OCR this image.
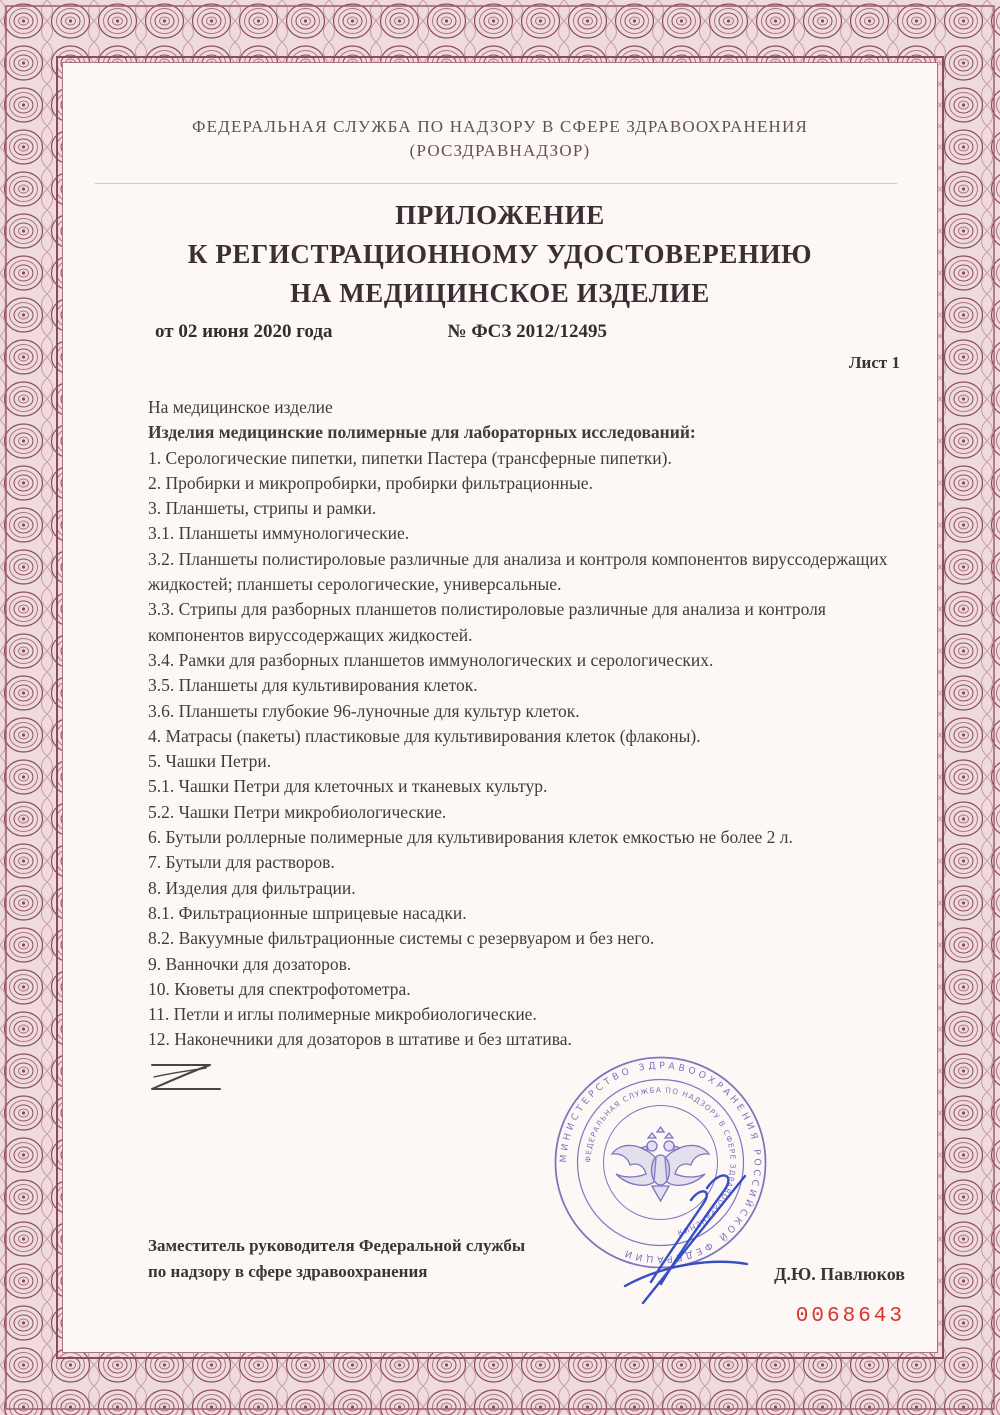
ФЕДЕРАЛЬНАЯ СЛУЖБА ПО НАДЗОРУ В СФЕРЕ ЗДРАВООХРАНЕНИЯ
(РОСЗДРАВНАДЗОР)
ПРИЛОЖЕНИЕ
К РЕГИСТРАЦИОННОМУ УДОСТОВЕРЕНИЮ
НА МЕДИЦИНСКОЕ ИЗДЕЛИЕ
от 02 июня 2020 года	№ ФСЗ 2012/12495
Лист 1

На медицинское изделие

Изделия медицинские полимерные для лабораторных исследований:

1. Серологические пипетки, пипетки Пастера (трансферные пипетки).
2. Пробирки и микропробирки, пробирки фильтрационные.
3. Планшеты, стрипы и рамки.
3.1. Планшеты иммунологические.
3.2. Планшеты полистироловые различные для анализа и контроля компонентов вируссодержащих жидкостей; планшеты серологические, универсальные.
3.3. Стрипы для разборных планшетов полистироловые различные для анализа и контроля компонентов вируссодержащих жидкостей.
3.4. Рамки для разборных планшетов иммунологических и серологических.
3.5. Планшеты для культивирования клеток.
3.6. Планшеты глубокие 96-луночные для культур клеток.
4. Матрасы (пакеты) пластиковые для культивирования клеток (флаконы).
5. Чашки Петри.
5.1. Чашки Петри для клеточных и тканевых культур.
5.2. Чашки Петри микробиологические.
6. Бутыли роллерные полимерные для культивирования клеток емкостью не более 2 л.
7. Бутыли для растворов.
8. Изделия для фильтрации.
8.1. Фильтрационные шприцевые насадки.
8.2. Вакуумные фильтрационные системы с резервуаром и без него.
9. Ванночки для дозаторов.
10. Кюветы для спектрофотометра.
11. Петли и иглы полимерные микробиологические.
12. Наконечники для дозаторов в штативе и без штатива.
МИНИСТЕРСТВО ЗДРАВООХРАНЕНИЯ РОССИЙСКОЙ ФЕДЕРАЦИИ
ФЕДЕРАЛЬНАЯ СЛУЖБА ПО НАДЗОРУ В СФЕРЕ ЗДРАВООХРАНЕНИЯ
Заместитель руководителя Федеральной службы
по надзору в сфере здравоохранения	Д.Ю. Павлюков
0068643
